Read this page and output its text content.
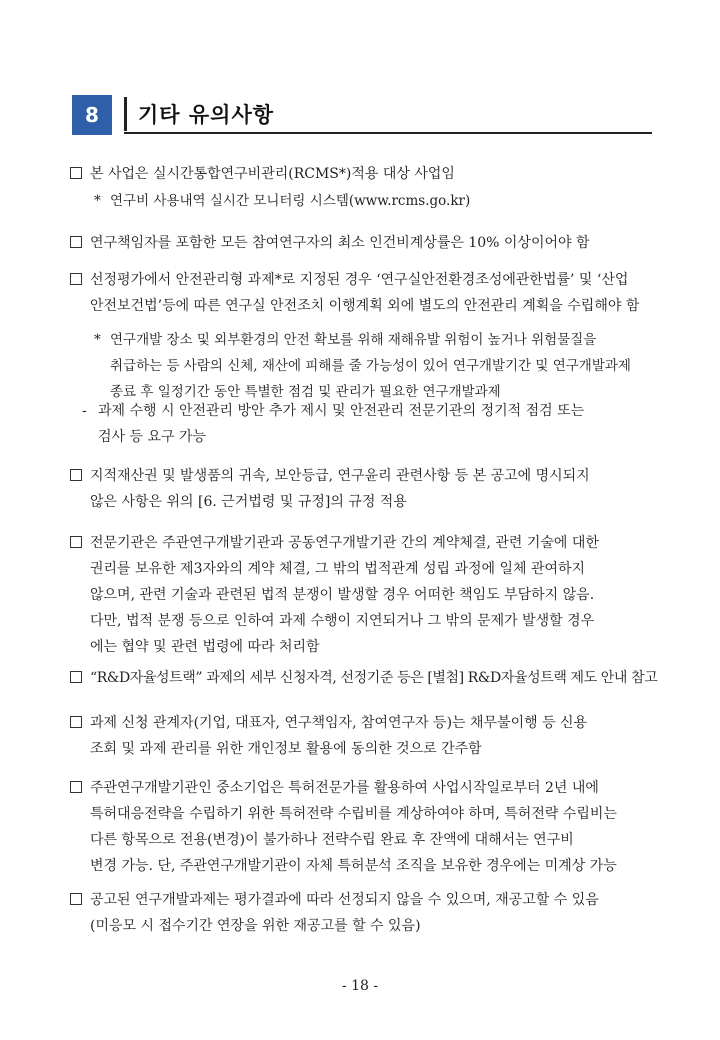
8	기타 유의사항
본 사업은 실시간통합연구비관리(RCMS*)적용 대상 사업임
* 연구비 사용내역 실시간 모니터링 시스템(www.rcms.go.kr)
연구책임자를 포함한 모든 참여연구자의 최소 인건비계상률은 10% 이상이어야 함
선정평가에서 안전관리형 과제*로 지정된 경우 ‘연구실안전환경조성에관한법률’ 및 ‘산업
안전보건법’등에 따른 연구실 안전조치 이행계획 외에 별도의 안전관리 계획을 수립해야 함
* 연구개발 장소 및 외부환경의 안전 확보를 위해 재해유발 위험이 높거나 위험물질을
취급하는 등 사람의 신체, 재산에 피해를 줄 가능성이 있어 연구개발기간 및 연구개발과제
종료 후 일정기간 동안 특별한 점검 및 관리가 필요한 연구개발과제
- 과제 수행 시 안전관리 방안 추가 제시 및 안전관리 전문기관의 정기적 점검 또는
검사 등 요구 가능
지적재산권 및 발생품의 귀속, 보안등급, 연구윤리 관련사항 등 본 공고에 명시되지
않은 사항은 위의 [6. 근거법령 및 규정]의 규정 적용
전문기관은 주관연구개발기관과 공동연구개발기관 간의 계약체결, 관련 기술에 대한
권리를 보유한 제3자와의 계약 체결, 그 밖의 법적관계 성립 과정에 일체 관여하지
않으며, 관련 기술과 관련된 법적 분쟁이 발생할 경우 어떠한 책임도 부담하지 않음.
다만, 법적 분쟁 등으로 인하여 과제 수행이 지연되거나 그 밖의 문제가 발생할 경우
에는 협약 및 관련 법령에 따라 처리함
“R&D자율성트랙” 과제의 세부 신청자격, 선정기준 등은 [별첨] R&D자율성트랙 제도 안내 참고
과제 신청 관계자(기업, 대표자, 연구책임자, 참여연구자 등)는 채무불이행 등 신용
조회 및 과제 관리를 위한 개인정보 활용에 동의한 것으로 간주함
주관연구개발기관인 중소기업은 특허전문가를 활용하여 사업시작일로부터 2년 내에
특허대응전략을 수립하기 위한 특허전략 수립비를 계상하여야 하며, 특허전략 수립비는
다른 항목으로 전용(변경)이 불가하나 전략수립 완료 후 잔액에 대해서는 연구비
변경 가능. 단, 주관연구개발기관이 자체 특허분석 조직을 보유한 경우에는 미계상 가능
공고된 연구개발과제는 평가결과에 따라 선정되지 않을 수 있으며, 재공고할 수 있음
(미응모 시 접수기간 연장을 위한 재공고를 할 수 있음)
- 18 -
